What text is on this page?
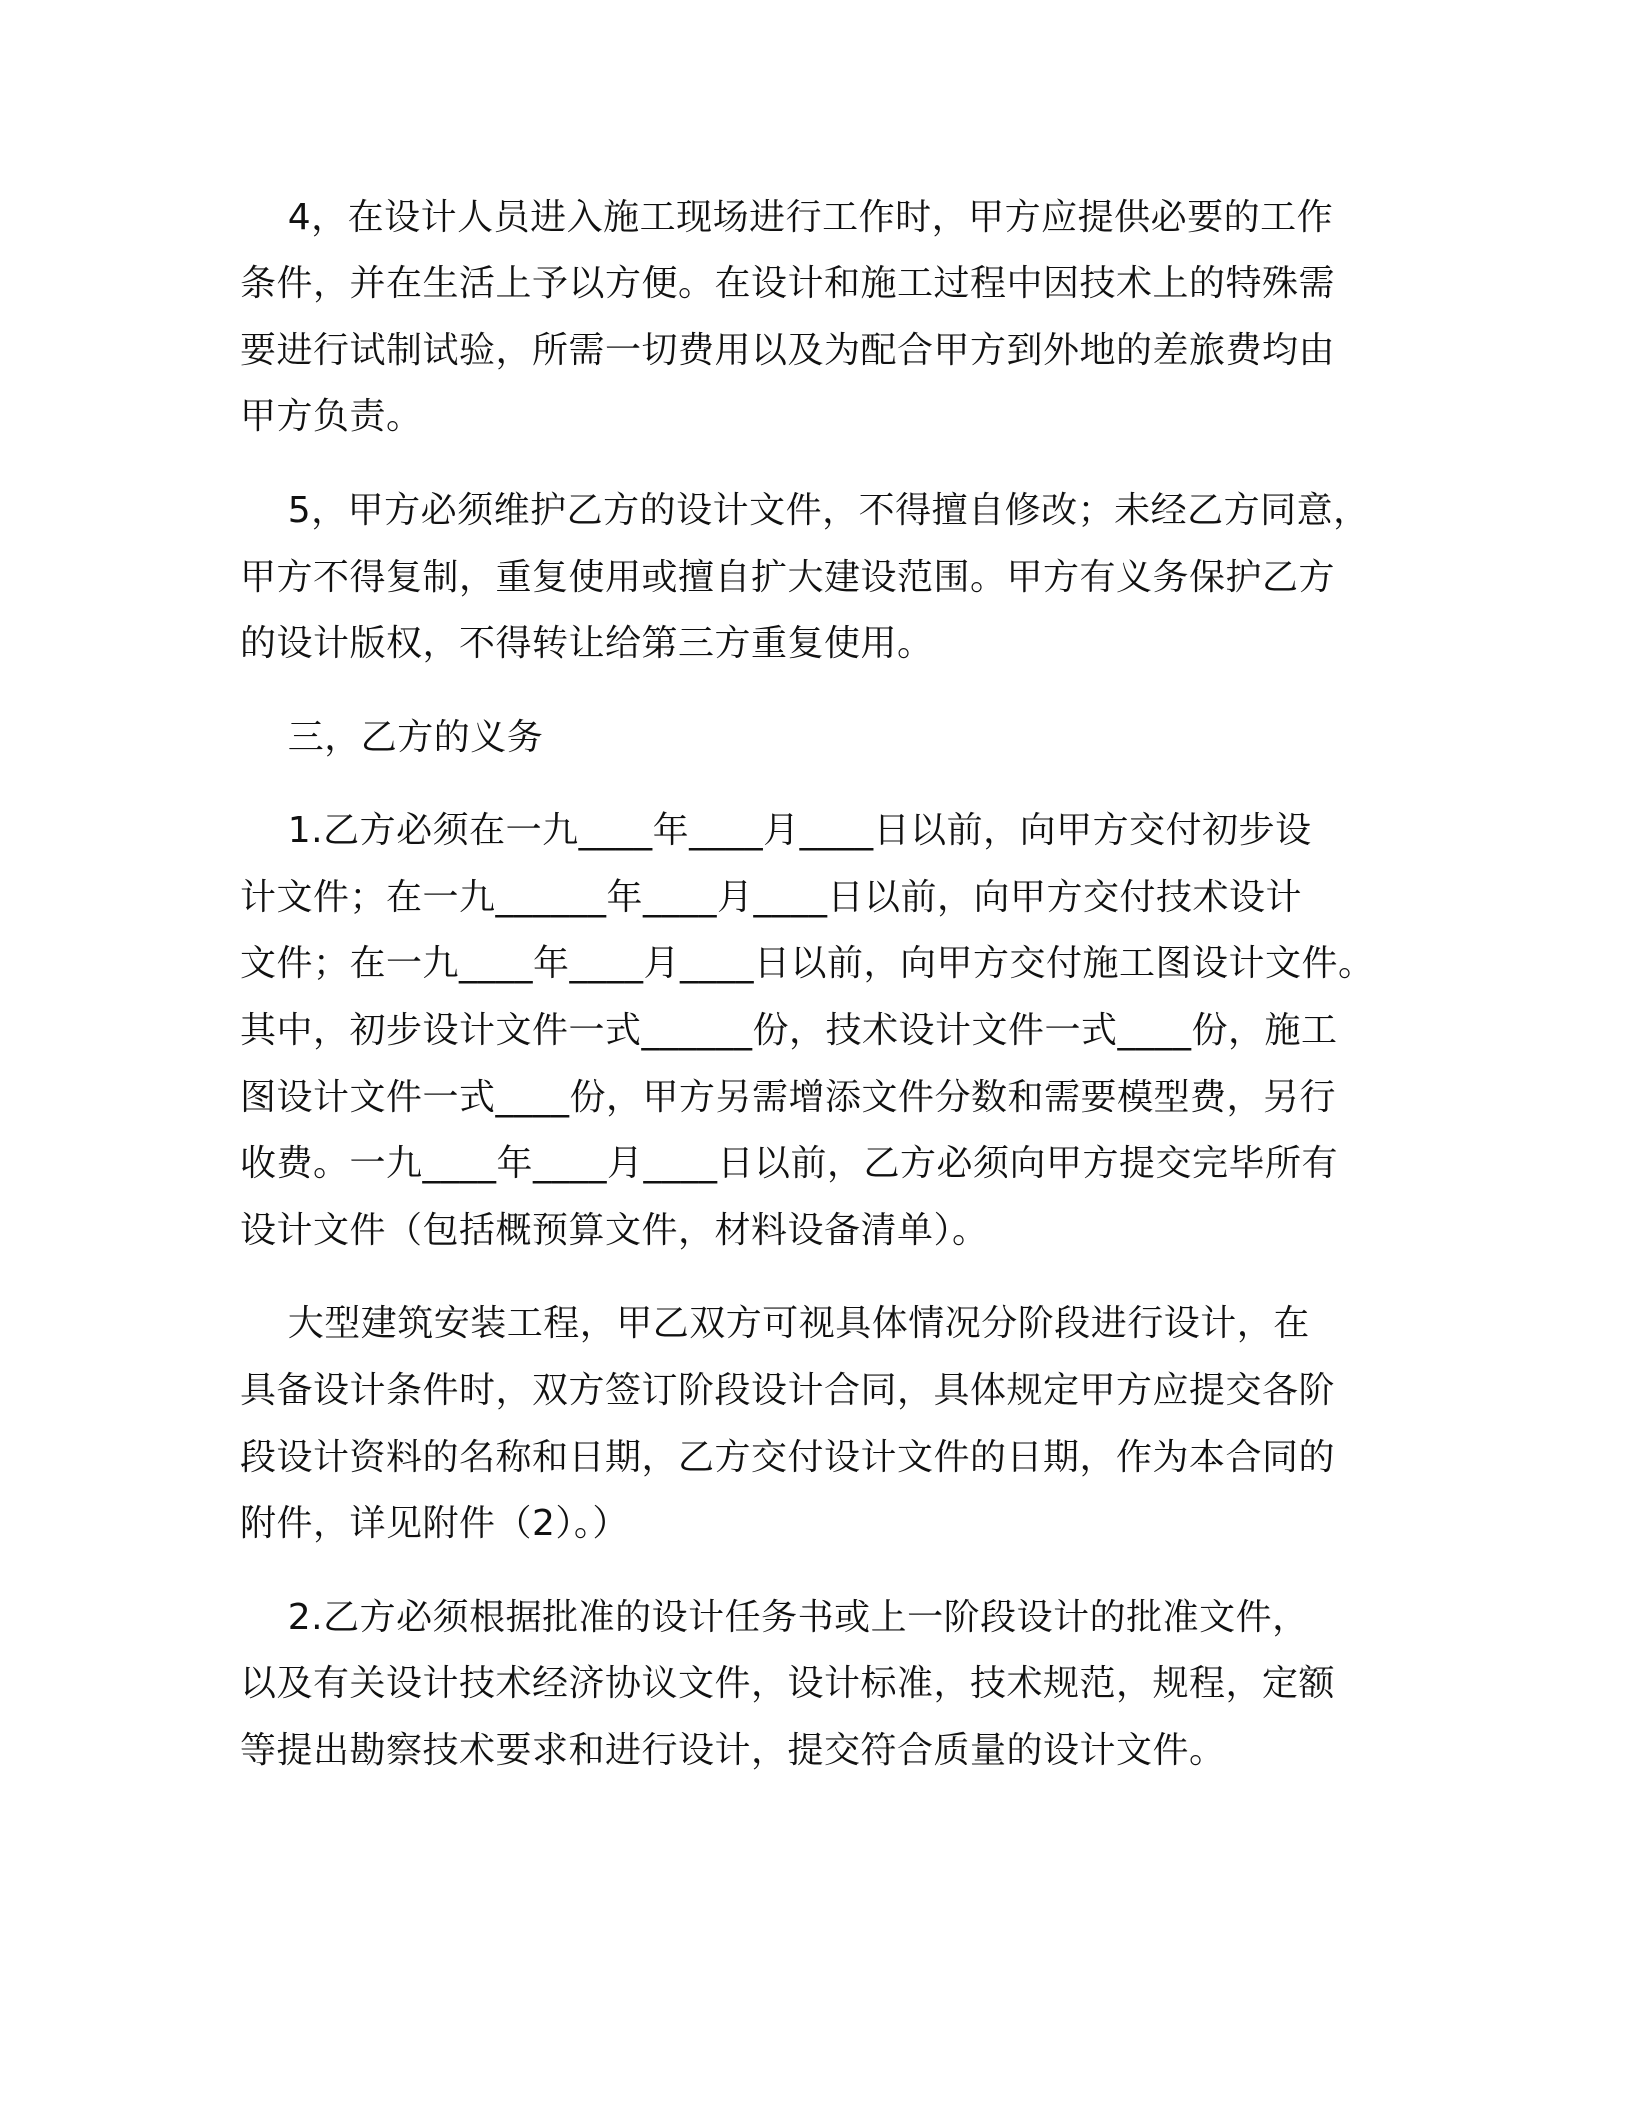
4，在设计人员进入施工现场进行工作时，甲方应提供必要的工作
条件，并在生活上予以方便。在设计和施工过程中因技术上的特殊需
要进行试制试验，所需一切费用以及为配合甲方到外地的差旅费均由
甲方负责。
5，甲方必须维护乙方的设计文件，不得擅自修改；未经乙方同意，
甲方不得复制，重复使用或擅自扩大建设范围。甲方有义务保护乙方
的设计版权，不得转让给第三方重复使用。
三，乙方的义务
1.乙方必须在一九____年____月____日以前，向甲方交付初步设
计文件；在一九______年____月____日以前，向甲方交付技术设计
文件；在一九____年____月____日以前，向甲方交付施工图设计文件。
其中，初步设计文件一式______份，技术设计文件一式____份，施工
图设计文件一式____份，甲方另需增添文件分数和需要模型费，另行
收费。一九____年____月____日以前，乙方必须向甲方提交完毕所有
设计文件（包括概预算文件，材料设备清单）。
大型建筑安装工程，甲乙双方可视具体情况分阶段进行设计，在
具备设计条件时，双方签订阶段设计合同，具体规定甲方应提交各阶
段设计资料的名称和日期，乙方交付设计文件的日期，作为本合同的
附件，详见附件（2）。）
2.乙方必须根据批准的设计任务书或上一阶段设计的批准文件，
以及有关设计技术经济协议文件，设计标准，技术规范，规程，定额
等提出勘察技术要求和进行设计，提交符合质量的设计文件。
